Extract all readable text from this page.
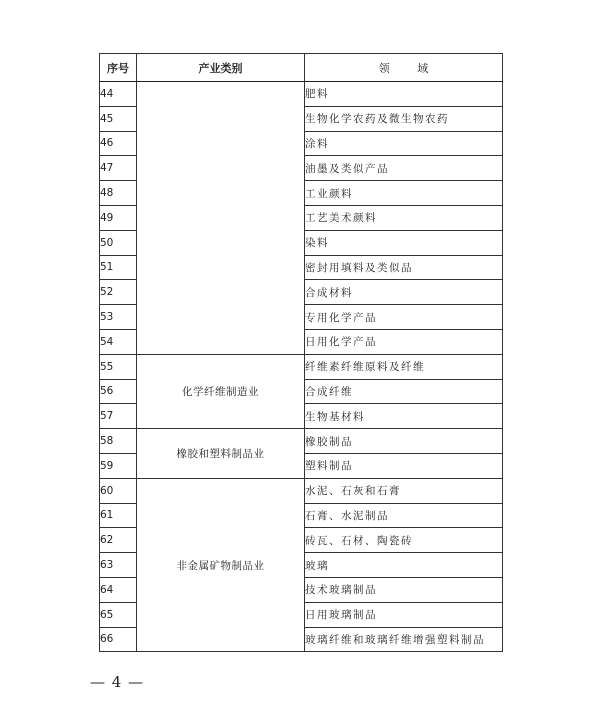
序号	产业类别	领 域
44		肥料
45		生物化学农药及微生物农药
46		涂料
47		油墨及类似产品
48		工业颜料
49		工艺美术颜料
50		染料
51		密封用填料及类似品
52		合成材料
53		专用化学产品
54		日用化学产品
55	化学纤维制造业	纤维素纤维原料及纤维
56		合成纤维
57		生物基材料
58	橡胶和塑料制品业	橡胶制品
59		塑料制品
60	非金属矿物制品业	水泥、石灰和石膏
61		石膏、水泥制品
62		砖瓦、石材、陶瓷砖
63		玻璃
64		技术玻璃制品
65		日用玻璃制品
66		玻璃纤维和玻璃纤维增强塑料制品
— 4 —
